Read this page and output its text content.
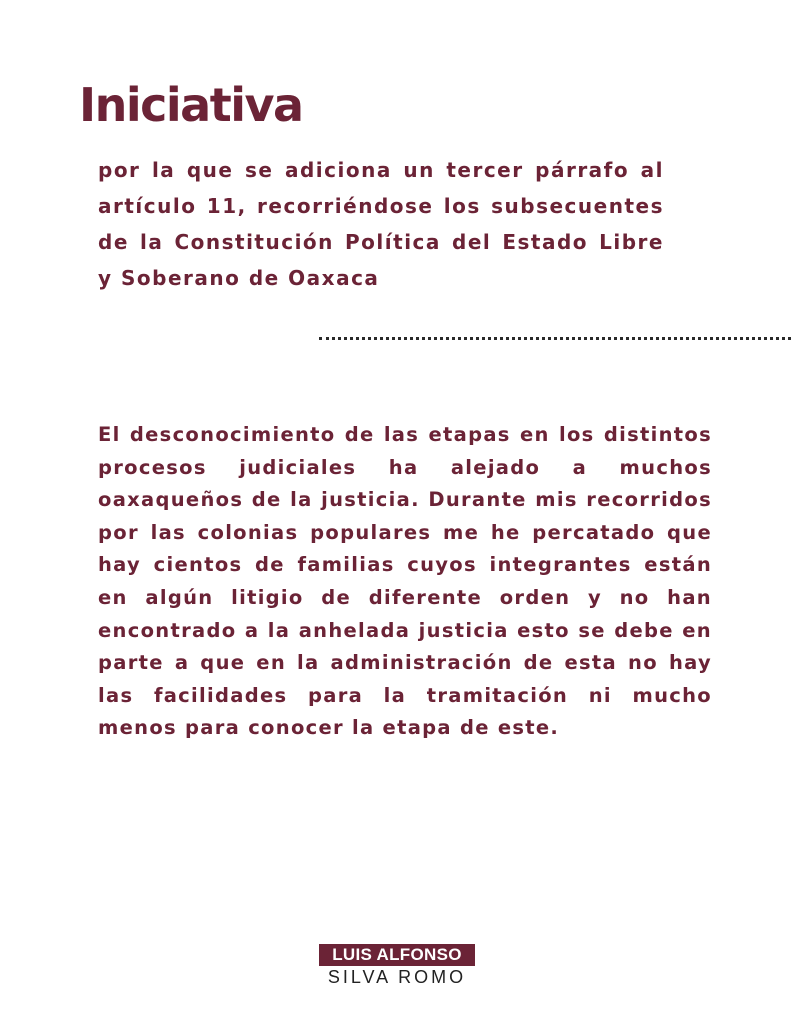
Iniciativa

por la que se adiciona un tercer párrafo al artículo 11, recorriéndose los subsecuentes de la Constitución Política del Estado Libre y Soberano de Oaxaca

El desconocimiento de las etapas en los distintos procesos judiciales ha alejado a muchos oaxaqueños de la justicia. Durante mis recorridos por las colonias populares me he percatado que hay cientos de familias cuyos integrantes están en algún litigio de diferente orden y no han encontrado a la anhelada justicia esto se debe en parte a que en la administración de esta no hay las facilidades para la tramitación ni mucho menos para conocer la etapa de este.

LUIS ALFONSO
SILVA ROMO
